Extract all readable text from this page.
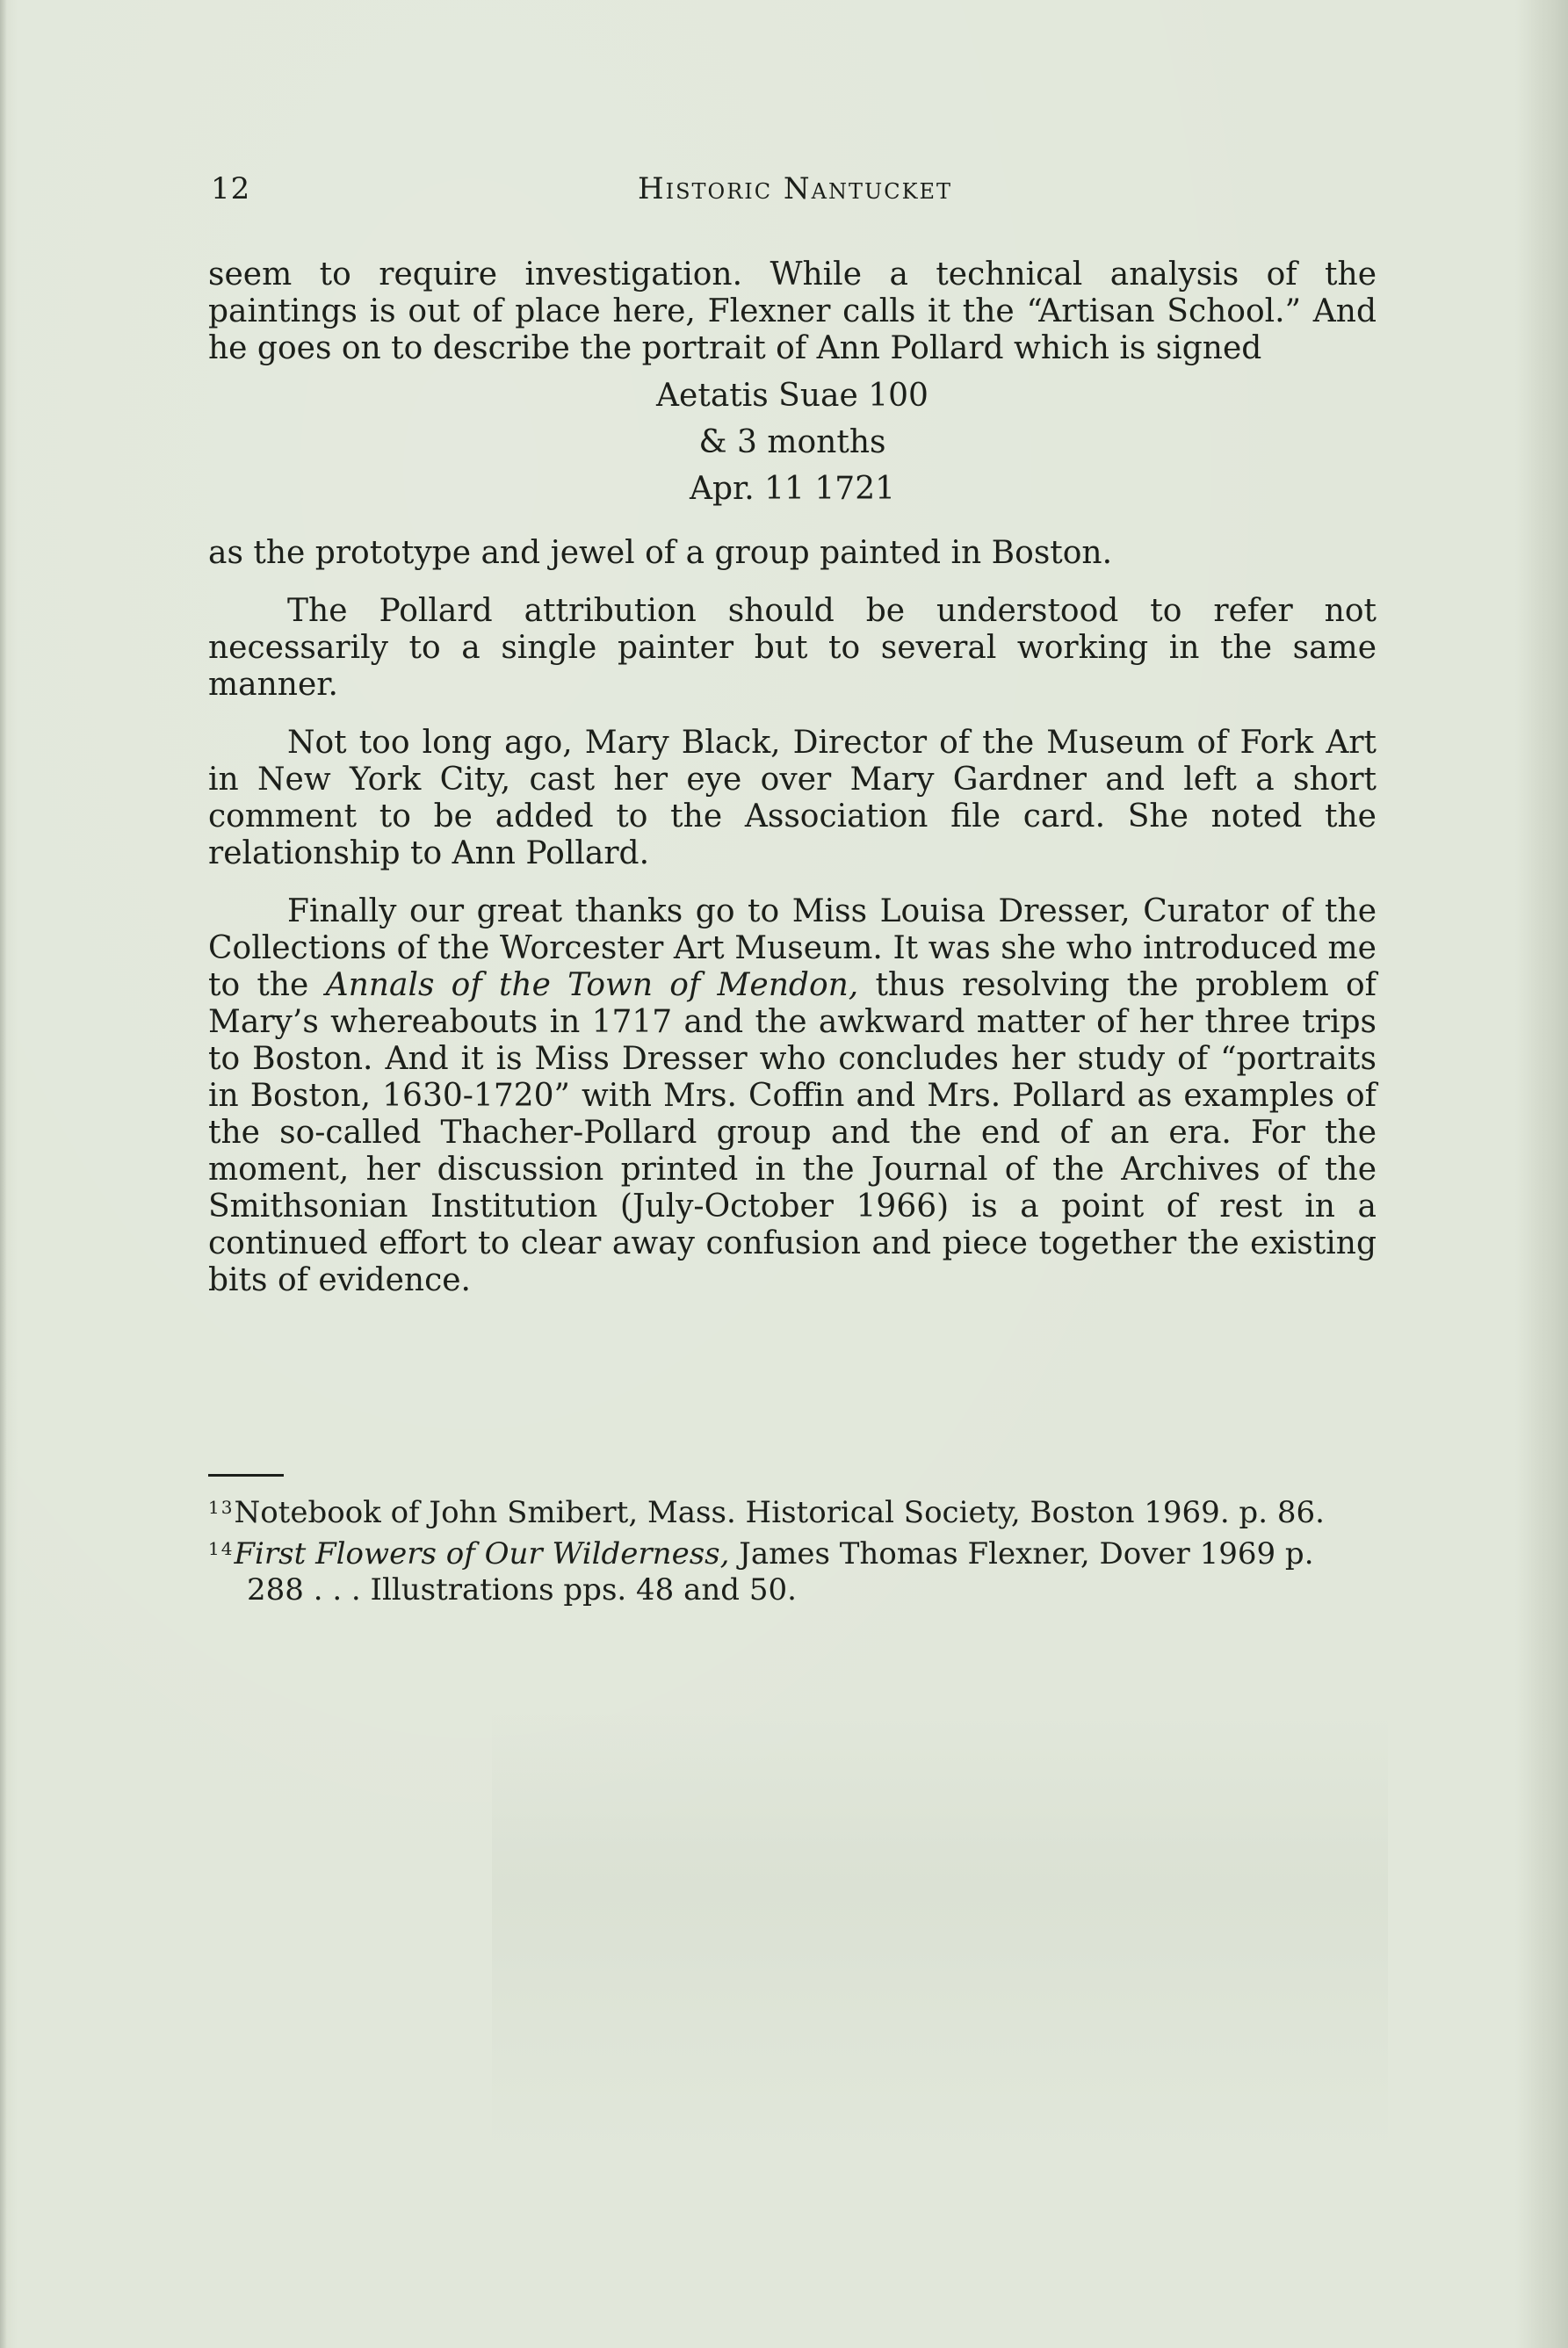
12	Historic Nantucket

seem to require investigation. While a technical analysis of the paintings is out of place here, Flexner calls it the “Artisan School.” And he goes on to describe the portrait of Ann Pollard which is signed

Aetatis Suae 100
& 3 months
Apr. 11 1721

as the prototype and jewel of a group painted in Boston.

The Pollard attribution should be understood to refer not necessarily to a single painter but to several working in the same manner.

Not too long ago, Mary Black, Director of the Museum of Fork Art in New York City, cast her eye over Mary Gardner and left a short comment to be added to the Association file card. She noted the relationship to Ann Pollard.

Finally our great thanks go to Miss Louisa Dresser, Curator of the Collections of the Worcester Art Museum. It was she who introduced me to the Annals of the Town of Mendon, thus resolving the problem of Mary’s whereabouts in 1717 and the awkward matter of her three trips to Boston. And it is Miss Dresser who concludes her study of “portraits in Boston, 1630-1720” with Mrs. Coffin and Mrs. Pollard as examples of the so-called Thacher-Pollard group and the end of an era. For the moment, her discussion printed in the Journal of the Archives of the Smithsonian Institution (July-October 1966) is a point of rest in a continued effort to clear away confusion and piece together the existing bits of evidence.

$^{13}$Notebook of John Smibert, Mass. Historical Society, Boston 1969. p. 86.

$^{14}$First Flowers of Our Wilderness, James Thomas Flexner, Dover 1969 p. 288 . . . Illustrations pps. 48 and 50.
